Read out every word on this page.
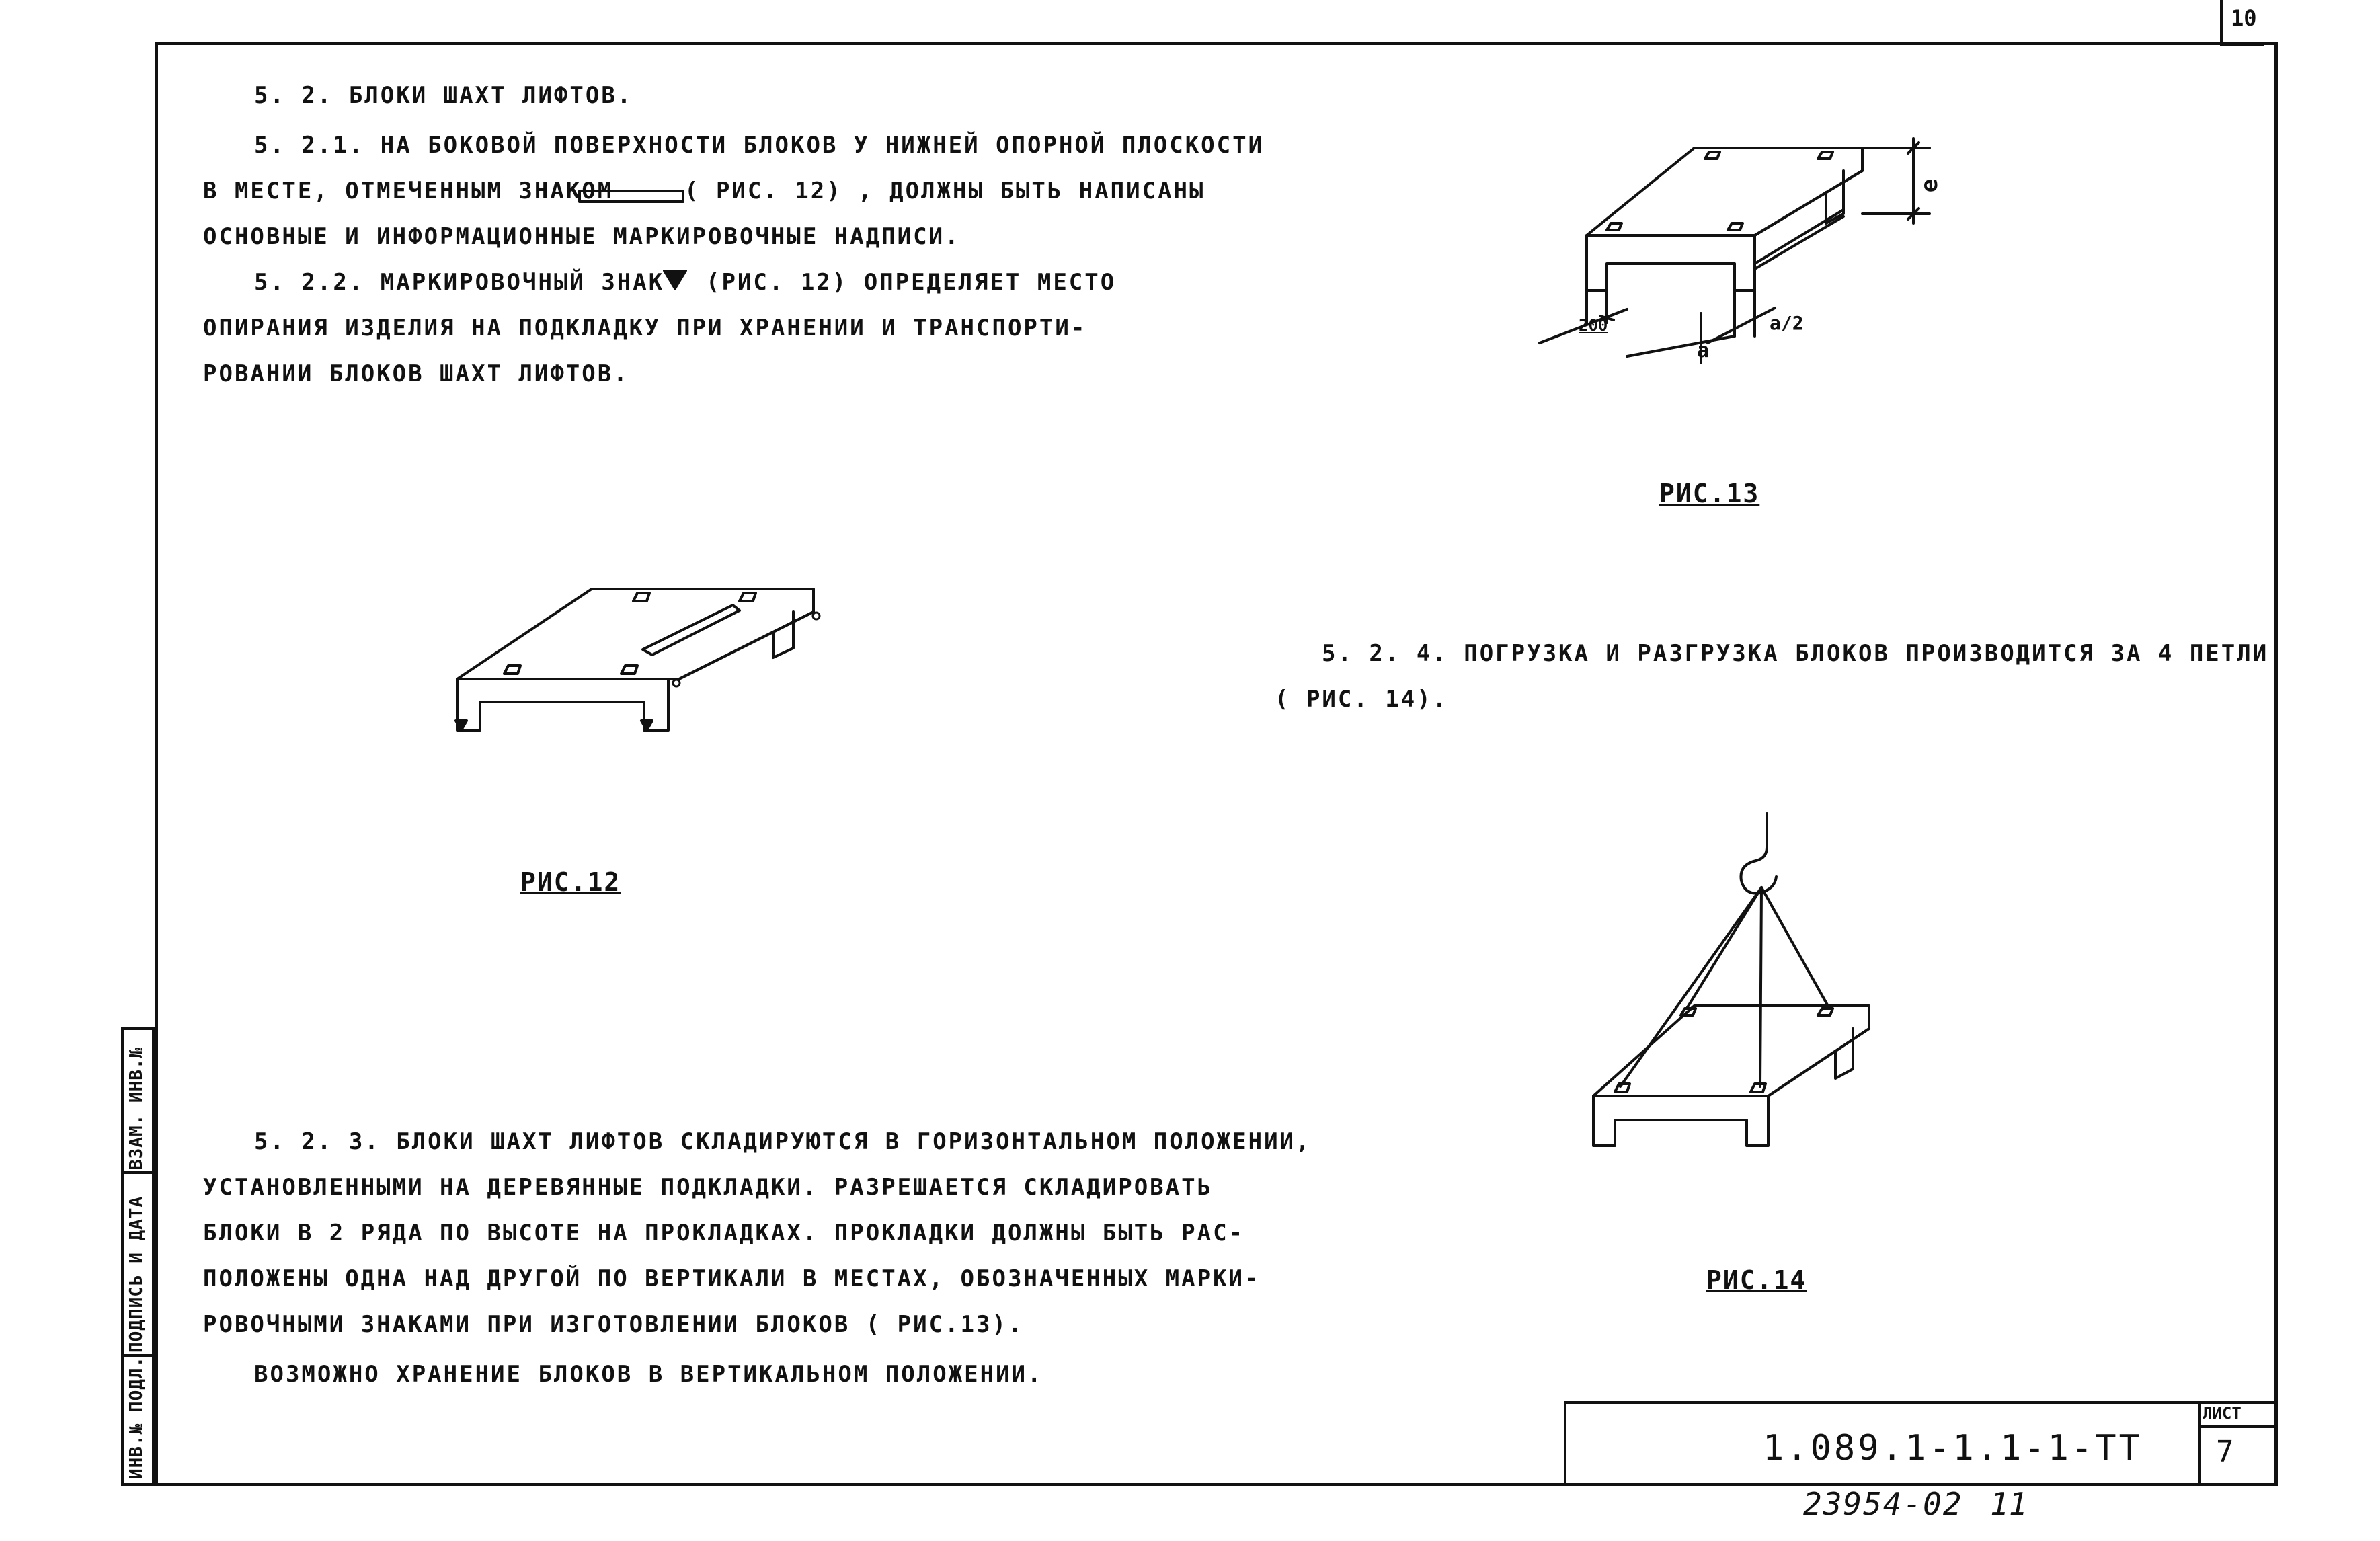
10
ВЗАМ. ИНВ.№
ПОДПИСЬ И ДАТА
ИНВ.№ ПОДЛ.
5. 2. БЛОКИ ШАХТ ЛИФТОВ.
5. 2.1. НА БОКОВОЙ ПОВЕРХНОСТИ БЛОКОВ У НИЖНЕЙ ОПОРНОЙ ПЛОСКОСТИ
В МЕСТЕ, ОТМЕЧЕННЫМ ЗНАКОМ	( РИС. 12) , ДОЛЖНЫ БЫТЬ НАПИСАНЫ
ОСНОВНЫЕ И ИНФОРМАЦИОННЫЕ МАРКИРОВОЧНЫЕ НАДПИСИ.
5. 2.2. МАРКИРОВОЧНЫЙ ЗНАК (РИС. 12) ОПРЕДЕЛЯЕТ МЕСТО
ОПИРАНИЯ ИЗДЕЛИЯ НА ПОДКЛАДКУ ПРИ ХРАНЕНИИ И ТРАНСПОРТИ-
РОВАНИИ БЛОКОВ ШАХТ ЛИФТОВ.
РИС.12
е
200	а/2
а
РИС.13
5. 2. 4. ПОГРУЗКА И РАЗГРУЗКА БЛОКОВ ПРОИЗВОДИТСЯ ЗА 4 ПЕТЛИ
( РИС. 14).
РИС.14
5. 2. 3. БЛОКИ ШАХТ ЛИФТОВ СКЛАДИРУЮТСЯ В ГОРИЗОНТАЛЬНОМ ПОЛОЖЕНИИ,
УСТАНОВЛЕННЫМИ НА ДЕРЕВЯННЫЕ ПОДКЛАДКИ. РАЗРЕШАЕТСЯ СКЛАДИРОВАТЬ
БЛОКИ В 2 РЯДА ПО ВЫСОТЕ НА ПРОКЛАДКАХ. ПРОКЛАДКИ ДОЛЖНЫ БЫТЬ РАС-
ПОЛОЖЕНЫ ОДНА НАД ДРУГОЙ ПО ВЕРТИКАЛИ В МЕСТАХ, ОБОЗНАЧЕННЫХ МАРКИ-
РОВОЧНЫМИ ЗНАКАМИ ПРИ ИЗГОТОВЛЕНИИ БЛОКОВ ( РИС.13).
ВОЗМОЖНО ХРАНЕНИЕ БЛОКОВ В ВЕРТИКАЛЬНОМ ПОЛОЖЕНИИ.
ЛИСТ
7
1.089.1-1.1-1-ТТ
23954-02 11
